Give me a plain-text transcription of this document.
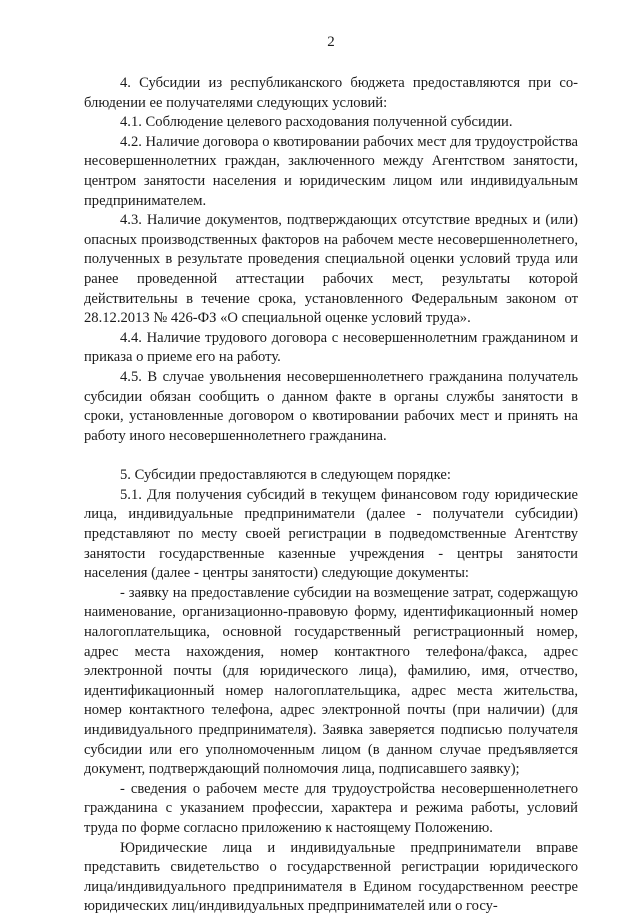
2

4. Субсидии из республиканского бюджета предоставляются при соблюдении ее получателями следующих условий:

4.1. Соблюдение целевого расходования полученной субсидии.

4.2. Наличие договора о квотировании рабочих мест для трудоустройства несовершеннолетних граждан, заключенного между Агентством занятости, центром занятости населения и юридическим лицом или индивидуальным предпринимателем.

4.3. Наличие документов, подтверждающих отсутствие вредных и (или) опасных производственных факторов на рабочем месте несовершеннолетнего, полученных в результате проведения специальной оценки условий труда или ранее проведенной аттестации рабочих мест, результаты которой действительны в течение срока, установленного Федеральным законом от 28.12.2013 № 426-ФЗ «О специальной оценке условий труда».

4.4. Наличие трудового договора с несовершеннолетним гражданином и приказа о приеме его на работу.

4.5. В случае увольнения несовершеннолетнего гражданина получатель субсидии обязан сообщить о данном факте в органы службы занятости в сроки, установленные договором о квотировании рабочих мест и принять на работу иного несовершеннолетнего гражданина.

5. Субсидии предоставляются в следующем порядке:

5.1. Для получения субсидий в текущем финансовом году юридические лица, индивидуальные предприниматели (далее - получатели субсидии) представляют по месту своей регистрации в подведомственные Агентству занятости государственные казенные учреждения - центры занятости населения (далее - центры занятости) следующие документы:

- заявку на предоставление субсидии на возмещение затрат, содержащую наименование, организационно-правовую форму, идентификационный номер налогоплательщика, основной государственный регистрационный номер, адрес места нахождения, номер контактного телефона/факса, адрес электронной почты (для юридического лица), фамилию, имя, отчество, идентификационный номер налогоплательщика, адрес места жительства, номер контактного телефона, адрес электронной почты (при наличии) (для индивидуального предпринимателя). Заявка заверяется подписью получателя субсидии или его уполномоченным лицом (в данном случае предъявляется документ, подтверждающий полномочия лица, подписавшего заявку);

- сведения о рабочем месте для трудоустройства несовершеннолетнего гражданина с указанием профессии, характера и режима работы, условий труда по форме согласно приложению к настоящему Положению.

Юридические лица и индивидуальные предприниматели вправе представить свидетельство о государственной регистрации юридического лица/индивидуального предпринимателя в Едином государственном реестре юридических лиц/индивидуальных предпринимателей или о госу-
